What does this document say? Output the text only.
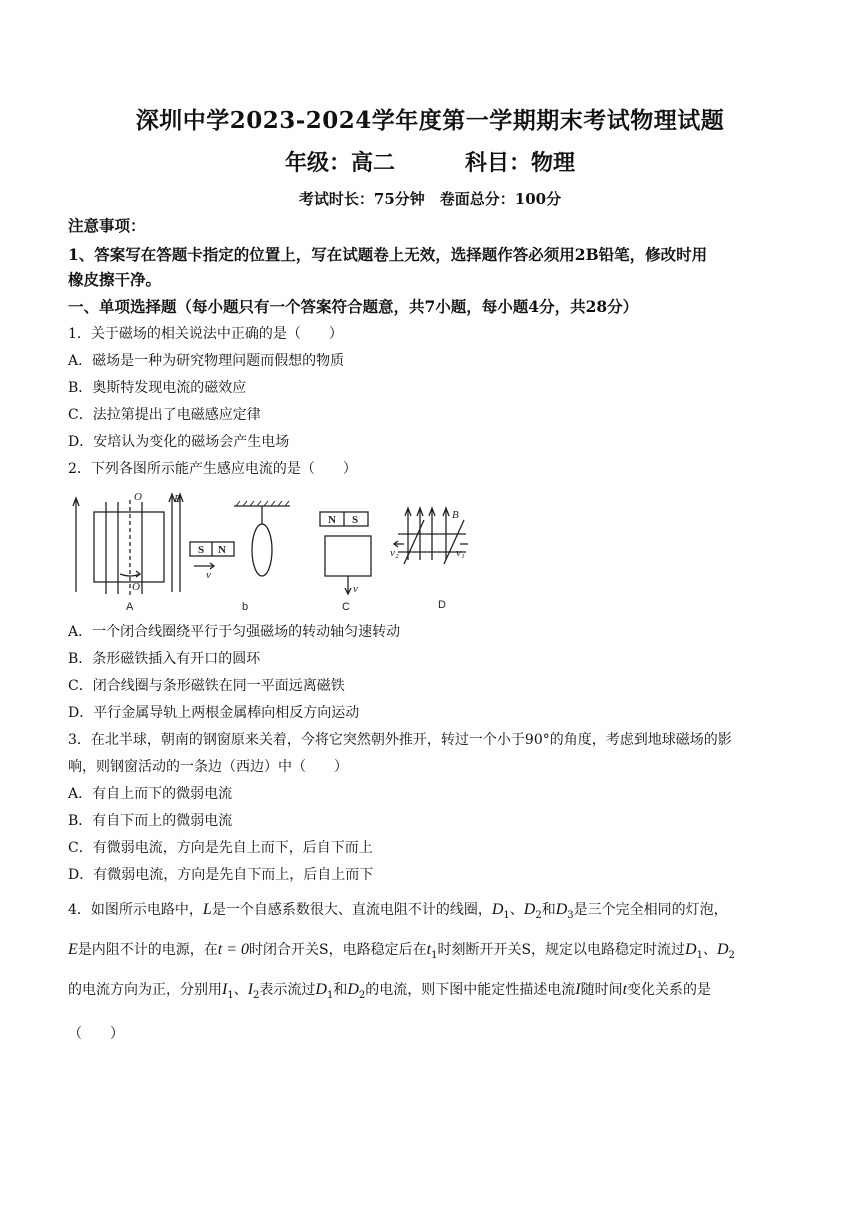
深圳中学2023-2024学年度第一学期期末考试物理试题
年级：高二	科目：物理
考试时长：75分钟　卷面总分：100分
注意事项：
1、答案写在答题卡指定的位置上，写在试题卷上无效，选择题作答必须用2B铅笔，修改时用
橡皮擦干净。
一、单项选择题（每小题只有一个答案符合题意，共7小题，每小题4分，共28分）
1．关于磁场的相关说法中正确的是（　　）
A．磁场是一种为研究物理问题而假想的物质
B．奥斯特发现电流的磁效应
C．法拉第提出了电磁感应定律
D．安培认为变化的磁场会产生电场
2．下列各图所示能产生感应电流的是（　　）
O
O′
B
S N
v
N S
v
B
v₂	v₁
A	b	C	D
A．一个闭合线圈绕平行于匀强磁场的转动轴匀速转动
B．条形磁铁插入有开口的圆环
C．闭合线圈与条形磁铁在同一平面远离磁铁
D．平行金属导轨上两根金属棒向相反方向运动
3．在北半球，朝南的钢窗原来关着，今将它突然朝外推开，转过一个小于90°的角度，考虑到地球磁场的影
响，则钢窗活动的一条边（西边）中（　　）
A．有自上而下的微弱电流
B．有自下而上的微弱电流
C．有微弱电流，方向是先自上而下，后自下而上
D．有微弱电流，方向是先自下而上，后自上而下
4．如图所示电路中，L是一个自感系数很大、直流电阻不计的线圈，$D_1$、$D_2$和$D_3$是三个完全相同的灯泡，
E是内阻不计的电源，在t = 0时闭合开关S，电路稳定后在$t_1$时刻断开开关S，规定以电路稳定时流过$D_1$、$D_2$
的电流方向为正，分别用$I_1$、$I_2$表示流过$D_1$和$D_2$的电流，则下图中能定性描述电流I随时间t变化关系的是
（　　）
